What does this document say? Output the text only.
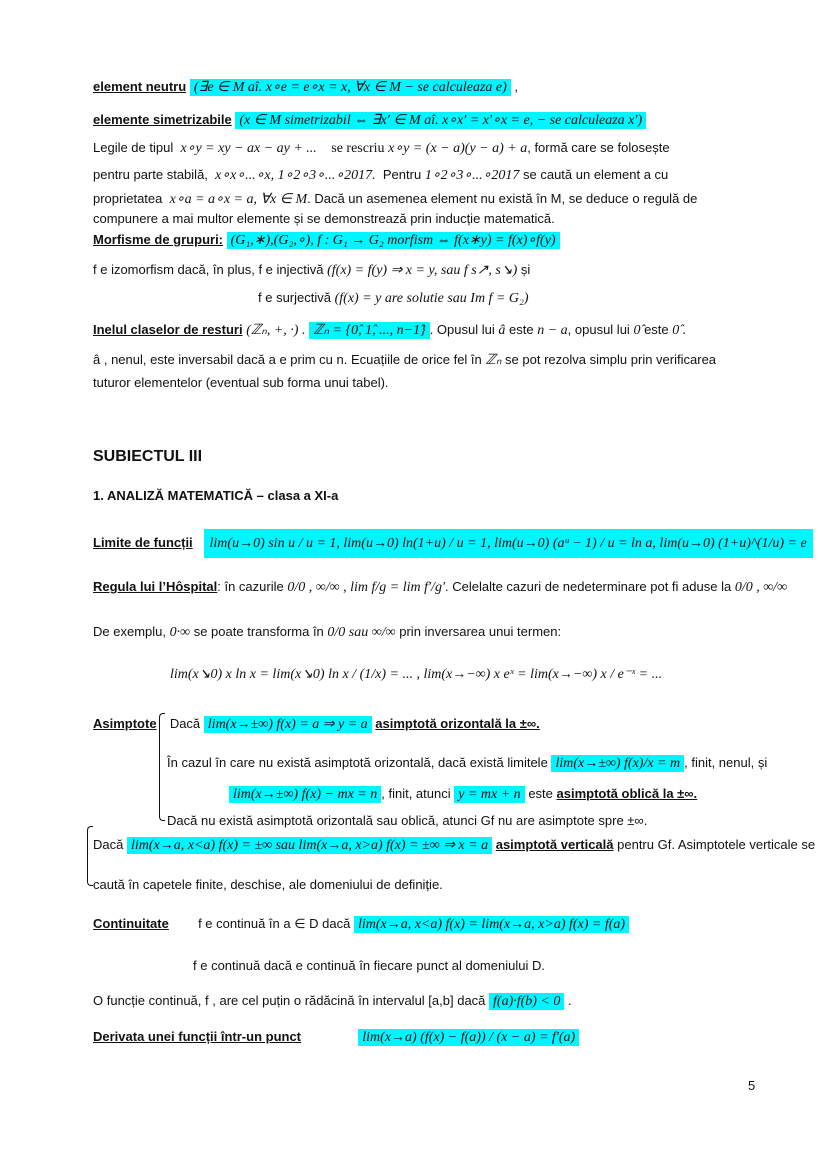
element neutru (∃e ∈ M aî. x∘e = e∘x = x, ∀x ∈ M − se calculeaza e) ,
elemente simetrizabile (x ∈ M simetrizabil ⇔ ∃x′ ∈ M aî. x∘x′ = x′∘x = e, − se calculeaza x′)
Legile de tipul x∘y = xy − ax − ay + ... se rescriu x∘y = (x − a)(y − a) + a, formă care se folosește
pentru parte stabilă, x∘x∘...∘x, 1∘2∘3∘...∘2017. Pentru 1∘2∘3∘...∘2017 se caută un element a cu
proprietatea x∘a = a∘x = a, ∀x ∈ M. Dacă un asemenea element nu există în M, se deduce o regulă de
compunere a mai multor elemente și se demonstrează prin inducție matematică.
Morfisme de grupuri: (G₁,∗),(G₂,∘), f : G₁ → G₂ morfism ⇔ f(x∗y) = f(x)∘f(y)
f e izomorfism dacă, în plus, f e injectivă (f(x) = f(y) ⇒ x = y, sau f s↗, s↘) și
f e surjectivă (f(x) = y are solutie sau Im f = G₂)
Inelul claselor de resturi (ℤₙ, +, ·) . ℤₙ = {0̂, 1̂, ..., n−1̂} . Opusul lui â este n − a, opusul lui 0̂ este 0̂ .
â , nenul, este inversabil dacă a e prim cu n. Ecuațiile de orice fel în ℤₙ se pot rezolva simplu prin verificarea
tuturor elementelor (eventual sub forma unui tabel).
SUBIECTUL III
1. ANALIZĂ MATEMATICĂ – clasa a XI-a
Limite de funcții lim(u→0) sin u / u = 1, lim(u→0) ln(1+u) / u = 1, lim(u→0) (aᵘ − 1) / u = ln a, lim(u→0) (1+u)^(1/u) = e
Regula lui l’Hôspital: în cazurile 0/0 , ∞/∞ , lim f/g = lim f′/g′. Celelalte cazuri de nedeterminare pot fi aduse la 0/0 , ∞/∞
De exemplu, 0·∞ se poate transforma în 0/0 sau ∞/∞ prin inversarea unui termen:
lim(x↘0) x ln x = lim(x↘0) ln x / (1/x) = ... , lim(x→−∞) x eˣ = lim(x→−∞) x / e⁻ˣ = ...
Asimptote Dacă lim(x→±∞) f(x) = a ⇒ y = a asimptotă orizontală la ±∞.
În cazul în care nu există asimptotă orizontală, dacă există limitele lim(x→±∞) f(x)/x = m , finit, nenul, și
lim(x→±∞) f(x) − mx = n , finit, atunci y = mx + n este asimptotă oblică la ±∞.
Dacă nu există asimptotă orizontală sau oblică, atunci Gf nu are asimptote spre ±∞.
Dacă lim(x→a, x<a) f(x) = ±∞ sau lim(x→a, x>a) f(x) = ±∞ ⇒ x = a asimptotă verticală pentru Gf. Asimptotele verticale se
caută în capetele finite, deschise, ale domeniului de definiție.
Continuitate f e continuă în a ∈ D dacă lim(x→a, x<a) f(x) = lim(x→a, x>a) f(x) = f(a)
f e continuă dacă e continuă în fiecare punct al domeniului D.
O funcție continuă, f , are cel puțin o rădăcină în intervalul [a,b] dacă f(a)·f(b) < 0 .
Derivata unei funcții într-un punct	lim(x→a) (f(x) − f(a)) / (x − a) = f′(a)
5
